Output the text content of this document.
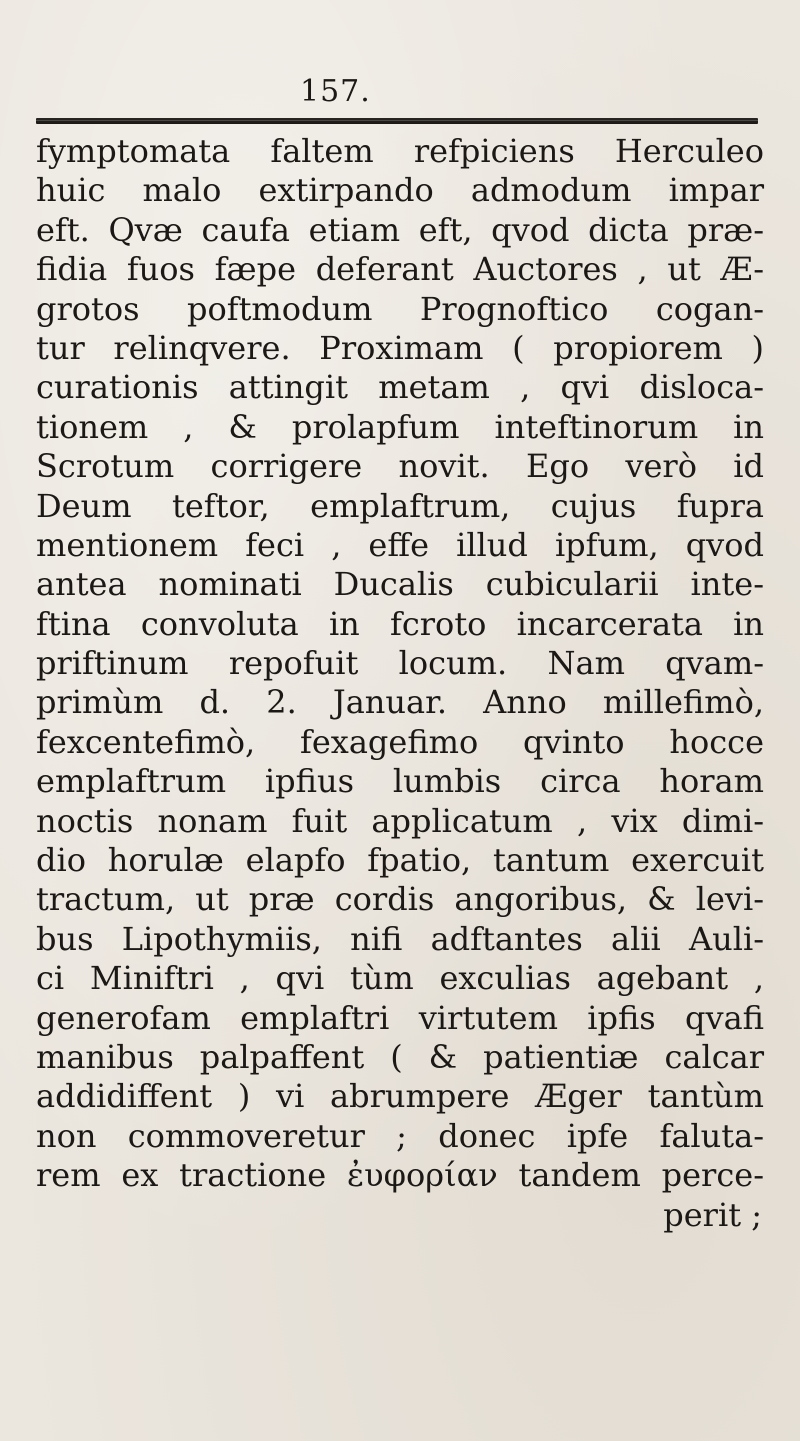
157.
fymptomata faltem refpiciens Herculeo
huic malo extirpando admodum impar
eft. Qvæ caufa etiam eft, qvod dicta præ-
fidia fuos fæpe deferant Auctores , ut Æ-
grotos poftmodum Prognoftico cogan-
tur relinqvere. Proximam ( propiorem )
curationis attingit metam , qvi disloca-
tionem , & prolapfum inteftinorum in
Scrotum corrigere novit. Ego verò id
Deum teftor, emplaftrum, cujus fupra
mentionem feci , effe illud ipfum, qvod
antea nominati Ducalis cubicularii inte-
ftina convoluta in fcroto incarcerata in
priftinum repofuit locum. Nam qvam-
primùm d. 2. Januar. Anno millefimò,
fexcentefimò, fexagefimo qvinto hocce
emplaftrum ipfius lumbis circa horam
noctis nonam fuit applicatum , vix dimi-
dio horulæ elapfo fpatio, tantum exercuit
tractum, ut præ cordis angoribus, & levi-
bus Lipothymiis, nifi adftantes alii Auli-
ci Miniftri , qvi tùm exculias agebant ,
generofam emplaftri virtutem ipfis qvafi
manibus palpaffent ( & patientiæ calcar
addidiffent ) vi abrumpere Æger tantùm
non commoveretur ; donec ipfe faluta-
rem ex tractione ἐυφορίαν tandem perce-
perit ;
